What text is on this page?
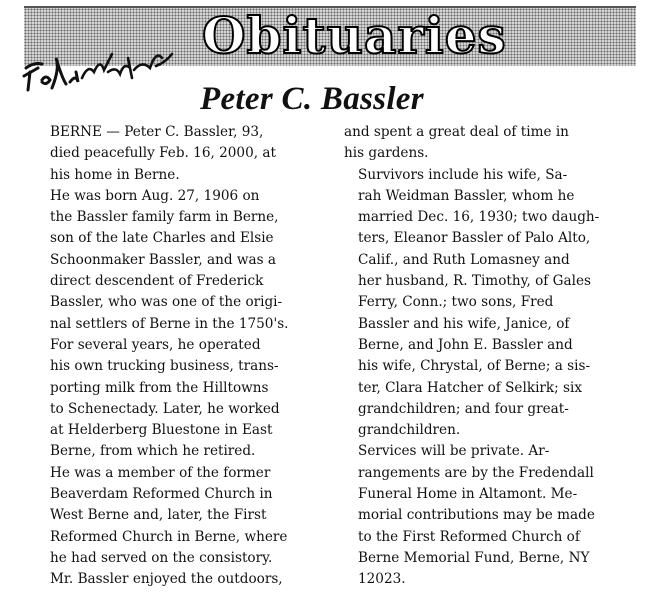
Obituaries
Peter C. Bassler

BERNE — Peter C. Bassler, 93,
died peacefully Feb. 16, 2000, at
his home in Berne.

He was born Aug. 27, 1906 on
the Bassler family farm in Berne,
son of the late Charles and Elsie
Schoonmaker Bassler, and was a
direct descendent of Frederick
Bassler, who was one of the origi-
nal settlers of Berne in the 1750's.

For several years, he operated
his own trucking business, trans-
porting milk from the Hilltowns
to Schenectady. Later, he worked
at Helderberg Bluestone in East
Berne, from which he retired.

He was a member of the former
Beaverdam Reformed Church in
West Berne and, later, the First
Reformed Church in Berne, where
he had served on the consistory.
Mr. Bassler enjoyed the outdoors,

and spent a great deal of time in
his gardens.

Survivors include his wife, Sa-
rah Weidman Bassler, whom he
married Dec. 16, 1930; two daugh-
ters, Eleanor Bassler of Palo Alto,
Calif., and Ruth Lomasney and
her husband, R. Timothy, of Gales
Ferry, Conn.; two sons, Fred
Bassler and his wife, Janice, of
Berne, and John E. Bassler and
his wife, Chrystal, of Berne; a sis-
ter, Clara Hatcher of Selkirk; six
grandchildren; and four great-
grandchildren.

Services will be private. Ar-
rangements are by the Fredendall
Funeral Home in Altamont. Me-
morial contributions may be made
to the First Reformed Church of
Berne Memorial Fund, Berne, NY
12023.
